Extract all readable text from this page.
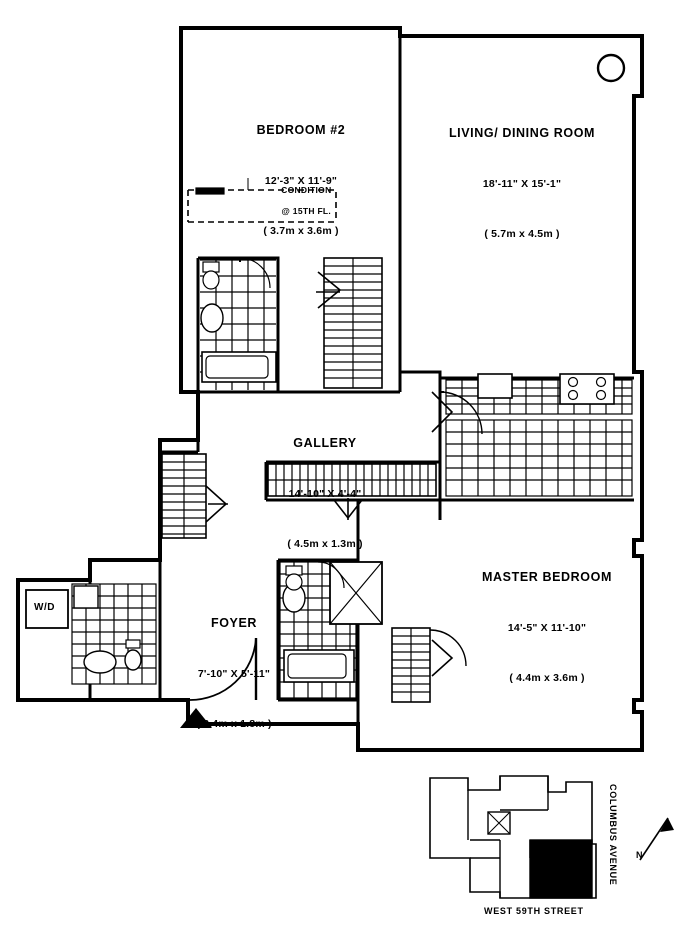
BEDROOM #2

12'-3" X 11'-9"

( 3.7m x 3.6m )

LIVING/ DINING ROOM

18'-11" X 15'-1"

( 5.7m x 4.5m )

GALLERY

14'-10" X 4'-4"

( 4.5m x 1.3m )

MASTER BEDROOM

14'-5" X 11'-10"

( 4.4m x 3.6m )

FOYER

7'-10" X 5'-11"

( 2.4m x 1.8m )

CONDITION

@ 15TH FL.

W/D
WEST 59TH STREET
COLUMBUS AVENUE N
